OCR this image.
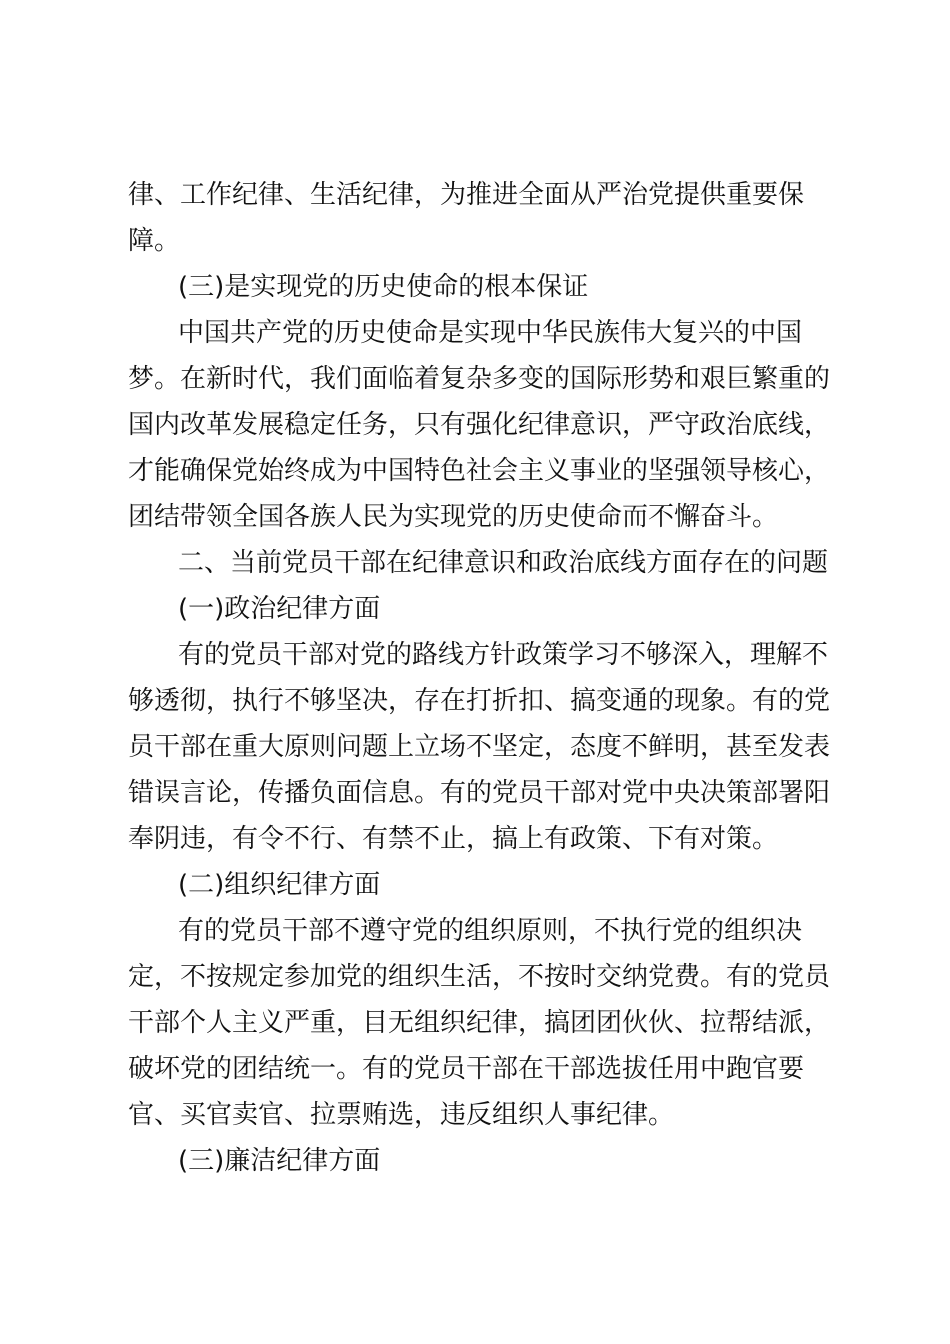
律、工作纪律、生活纪律，为推进全面从严治党提供重要保

障。

(三)是实现党的历史使命的根本保证

中国共产党的历史使命是实现中华民族伟大复兴的中国

梦。在新时代，我们面临着复杂多变的国际形势和艰巨繁重的

国内改革发展稳定任务，只有强化纪律意识，严守政治底线，

才能确保党始终成为中国特色社会主义事业的坚强领导核心，

团结带领全国各族人民为实现党的历史使命而不懈奋斗。

二、当前党员干部在纪律意识和政治底线方面存在的问题

(一)政治纪律方面

有的党员干部对党的路线方针政策学习不够深入，理解不

够透彻，执行不够坚决，存在打折扣、搞变通的现象。有的党

员干部在重大原则问题上立场不坚定，态度不鲜明，甚至发表

错误言论，传播负面信息。有的党员干部对党中央决策部署阳

奉阴违，有令不行、有禁不止，搞上有政策、下有对策。

(二)组织纪律方面

有的党员干部不遵守党的组织原则，不执行党的组织决

定，不按规定参加党的组织生活，不按时交纳党费。有的党员

干部个人主义严重，目无组织纪律，搞团团伙伙、拉帮结派，

破坏党的团结统一。有的党员干部在干部选拔任用中跑官要

官、买官卖官、拉票贿选，违反组织人事纪律。

(三)廉洁纪律方面
